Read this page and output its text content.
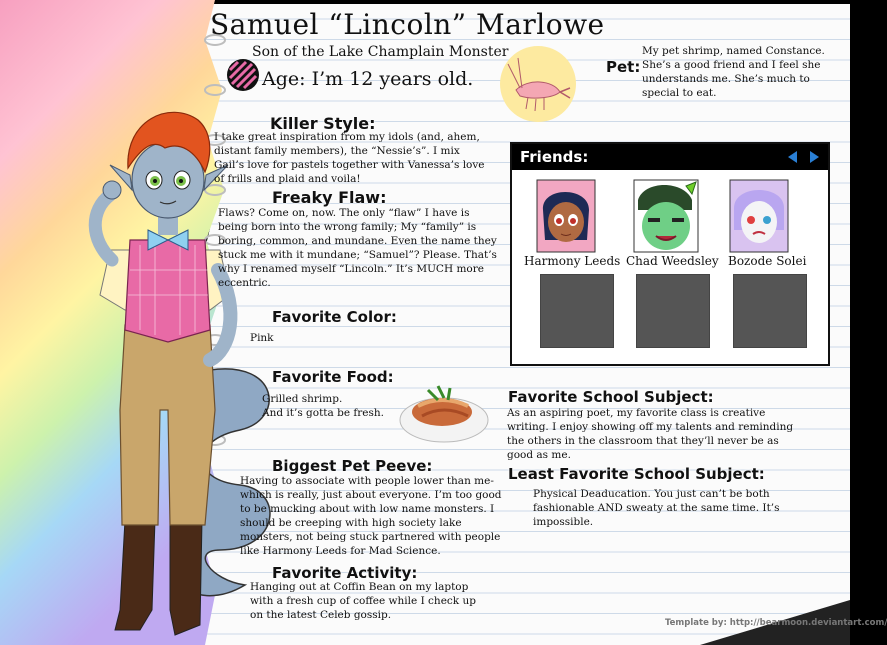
Samuel “Lincoln” Marlowe
Son of the Lake Champlain Monster
Age: I’m 12 years old.
Pet:
My pet shrimp, named Constance. She’s a good friend and I feel she understands me. She’s much to special to eat.
Killer Style:
I take great inspiration from my idols (and, ahem, distant family members), the “Nessie’s”. I mix Gail’s love for pastels together with Vanessa’s love of frills and plaid and voila!
Freaky Flaw:
Flaws? Come on, now. The only “flaw” I have is being born into the wrong family; My “family” is boring, common, and mundane. Even the name they stuck me with it mundane; “Samuel”? Please. That’s why I renamed myself “Lincoln.” It’s MUCH more eccentric.
Favorite Color:
Pink
Favorite Food:
Grilled shrimp.
And it’s gotta be fresh.
Biggest Pet Peeve:
Having to associate with people lower than me-which is really, just about everyone. I’m too good to be mucking about with low name monsters. I should be creeping with high society lake monsters, not being stuck partnered with people like Harmony Leeds for Mad Science.
Favorite Activity:
Hanging out at Coffin Bean on my laptop with a fresh cup of coffee while I check up on the latest Celeb gossip.
Favorite School Subject:
As an aspiring poet, my favorite class is creative writing. I enjoy showing off my talents and reminding the others in the classroom that they’ll never be as good as me.
Least Favorite School Subject:
Physical Deaducation. You just can’t be both fashionable AND sweaty at the same time. It’s impossible.
Friends:
Harmony Leeds Chad Weedsley Bozode Solei
Template by: http://bearmoon.deviantart.com/
